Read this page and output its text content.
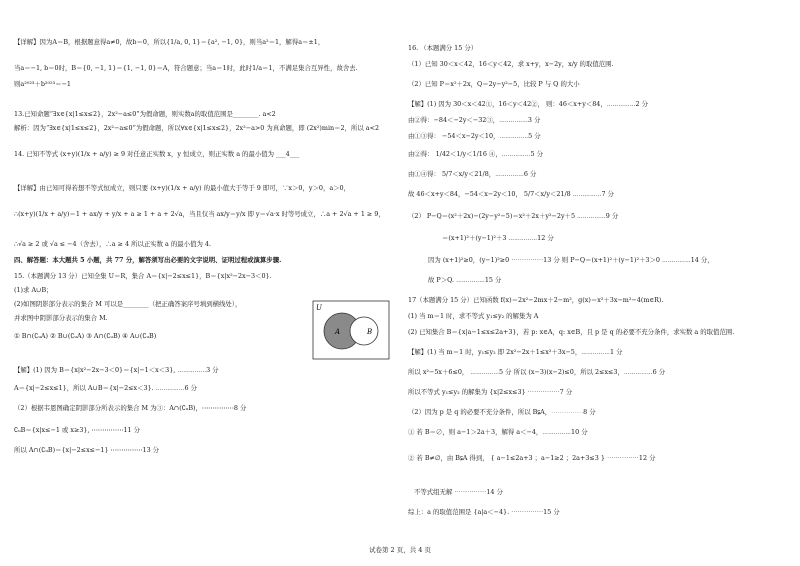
【详解】因为A＝B，根据题意得a≠0，故b＝0，所以{1/a, 0, 1}＝{a², −1, 0}，则当a²＝1，解得a＝±1，
当a＝−1, b＝0时，B＝{0, −1, 1}＝{1, −1, 0}＝A，符合题意；当a＝1时，此时1/a＝1，不满足集合互异性，故舍去.
则a²⁰²³＋b²⁰²³＝−1
13.已知命题“∃x∈{x|1≤x≤2}，2x²−a≤0”为假命题，则实数a的取值范围是________. a<2
解析：因为“∃x∈{x|1≤x≤2}，2x²−a≤0”为假命题，所以∀x∈{x|1≤x≤2}，2x²−a>0 为真命题，即 (2x²)min＝2，所以 a<2
14. 已知不等式 (x+y)(1/x + a/y) ≥ 9 对任意正实数 x，y 恒成立，则正实数 a 的最小值为 ___4___
【详解】由已知可得若想不等式恒成立，则只要 (x+y)(1/x + a/y) 的最小值大于等于 9 即可，∵x＞0，y＞0，a＞0，
∴(x+y)(1/x + a/y)＝1 + ax/y + y/x + a ≥ 1 + a + 2√a，当且仅当 ax/y＝y/x 即 y＝√a·x 时等号成立，∴a + 2√a + 1 ≥ 9，
∴√a ≥ 2 或 √a ≤ −4（舍去），∴a ≥ 4 所以正实数 a 的最小值为 4.
四、解答题：本大题共 5 小题，共 77 分，解答须写出必要的文字说明、证明过程或演算步骤.
15.（本题满分 13 分）已知全集 U＝R，集合 A＝{x|−2≤x≤1}，B＝{x|x²−2x−3＜0}.
(1)求 A∪B；
(2)如图阴影部分表示的集合 M 可以是________（把正确答案序号填到横线处），
并求图中阴影部分表示的集合 M.
① B∩(∁ᵤA) ② B∪(∁ᵤA) ③ A∩(∁ᵤB) ④ A∪(∁ᵤB)
【解】(1) 因为 B＝{x|x²−2x−3＜0}＝{x|−1＜x＜3}, ⋯⋯⋯⋯⋯3 分
A＝{x|−2≤x≤1}，所以 A∪B＝{x|−2≤x＜3}. ⋯⋯⋯⋯⋯6 分
（2）根据韦恩图确定阴影部分所表示的集合 M 为③：A∩(∁ᵤB)，⋯⋯⋯⋯⋯8 分
∁ᵤB＝{x|x≤−1 或 x≥3}, ⋯⋯⋯⋯⋯11 分
所以 A∩(∁ᵤB)＝{x|−2≤x≤−1} ⋯⋯⋯⋯⋯13 分
U
A	B
16. （本题满分 15 分）
（1）已知 30＜x＜42，16＜y＜42，求 x+y，x−2y，x/y 的取值范围.
（2）已知 P＝x²＋2x，Q＝2y−y²−5，比较 P 与 Q 的大小
【解】(1) 因为 30＜x＜42①，16＜y＜42②， 则：46＜x+y＜84，⋯⋯⋯⋯⋯2 分
由②得：−84＜−2y＜−32③，⋯⋯⋯⋯⋯3 分
由①③得： −54＜x−2y＜10，⋯⋯⋯⋯⋯5 分
由②得： 1/42＜1/y＜1/16 ④，⋯⋯⋯⋯⋯5 分
由①④得： 5/7＜x/y＜21/8，⋯⋯⋯⋯⋯6 分
故 46＜x+y＜84，−54＜x−2y＜10， 5/7＜x/y＜21/8 ⋯⋯⋯⋯⋯7 分
（2） P−Q＝(x²＋2x)−(2y−y²−5)＝x²＋2x＋y²−2y＋5 ⋯⋯⋯⋯⋯9 分
＝(x+1)²＋(y−1)²＋3 ⋯⋯⋯⋯⋯12 分
因为 (x+1)²≥0，(y−1)²≥0 ⋯⋯⋯⋯⋯13 分 则 P−Q＝(x+1)²＋(y−1)²＋3＞0 ⋯⋯⋯⋯⋯14 分，
故 P＞Q. ⋯⋯⋯⋯⋯15 分
17（本题满分 15 分）已知函数 f(x)＝2x²−2mx＋2−m²，g(x)＝x²＋3x−m²−4(m∈R).
(1) 当 m＝1 时，求不等式 y₁≤y₂ 的解集为 A
(2) 已知集合 B＝{x|a−1≤x≤2a+3}，若 p: x∈A，q: x∈B，且 p 是 q 的必要不充分条件，求实数 a 的取值范围.
【解】(1) 当 m＝1 时，y₁≤y₂ 即 2x²−2x＋1≤x²＋3x−5，⋯⋯⋯⋯⋯1 分
所以 x²−5x＋6≤0， ⋯⋯⋯⋯⋯5 分 所以 (x−3)(x−2)≤0，所以 2≤x≤3，⋯⋯⋯⋯⋯6 分
所以不等式 y₁≤y₂ 的解集为 {x|2≤x≤3} ⋯⋯⋯⋯⋯7 分
（2）因为 p 是 q 的必要不充分条件，所以 B⫋A，⋯⋯⋯⋯⋯8 分
① 若 B＝∅，则 a−1＞2a＋3，解得 a＜−4，⋯⋯⋯⋯⋯10 分
② 若 B≠∅，由 B⫋A 得到， { a−1≤2a+3 ；a−1≥2 ；2a+3≤3 } ⋯⋯⋯⋯⋯12 分
不等式组无解 ⋯⋯⋯⋯⋯14 分
综上：a 的取值范围是 {a|a＜−4}. ⋯⋯⋯⋯⋯15 分
试卷第 2 页，共 4 页
